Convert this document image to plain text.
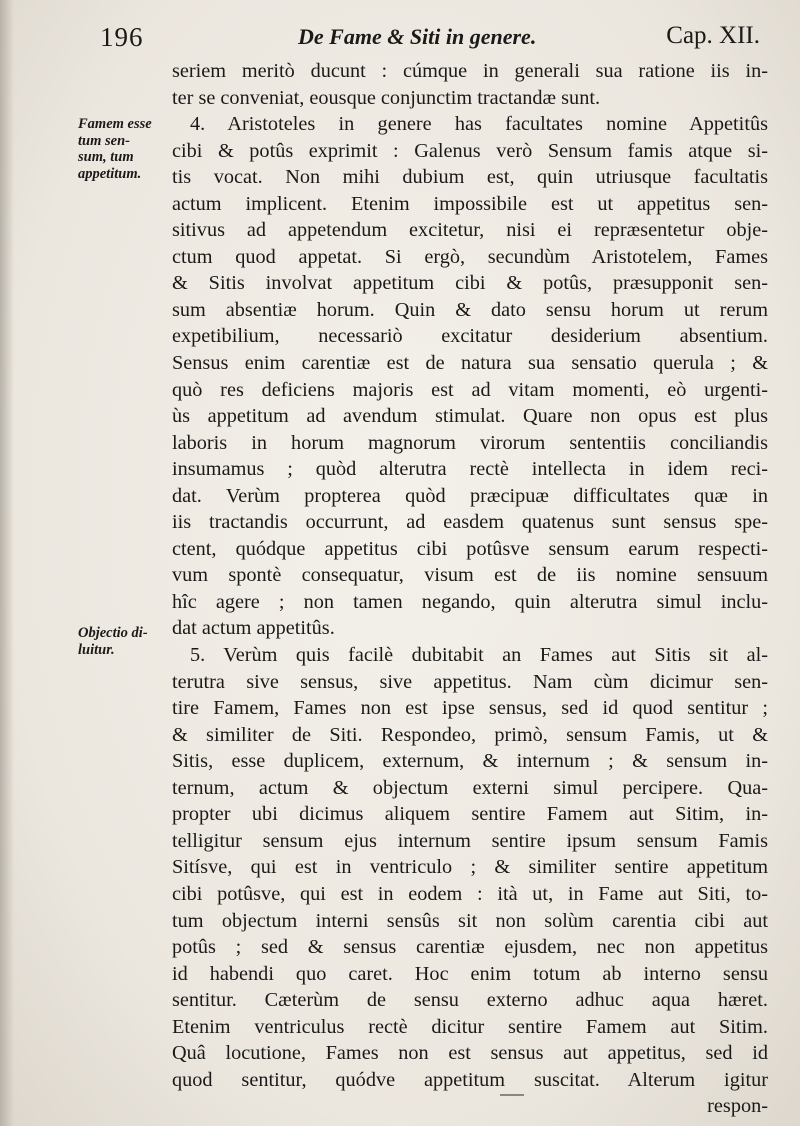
196	De Fame & Siti in genere.	Cap. XII.
Famem esse
tum sen-
sum, tum
appetitum.
Objectio di-
luitur.
seriem meritò ducunt : cúmque in generali sua ratione iis in-
ter se conveniat, eousque conjunctim tractandæ sunt.
4. Aristoteles in genere has facultates nomine Appetitûs
cibi & potûs exprimit : Galenus verò Sensum famis atque si-
tis vocat. Non mihi dubium est, quin utriusque facultatis
actum implicent. Etenim impossibile est ut appetitus sen-
sitivus ad appetendum excitetur, nisi ei repræsentetur obje-
ctum quod appetat. Si ergò, secundùm Aristotelem, Fames
& Sitis involvat appetitum cibi & potûs, præsupponit sen-
sum absentiæ horum. Quin & dato sensu horum ut rerum
expetibilium, necessariò excitatur desiderium absentium.
Sensus enim carentiæ est de natura sua sensatio querula ; &
quò res deficiens majoris est ad vitam momenti, eò urgenti-
ùs appetitum ad avendum stimulat. Quare non opus est plus
laboris in horum magnorum virorum sententiis conciliandis
insumamus ; quòd alterutra rectè intellecta in idem reci-
dat. Verùm propterea quòd præcipuæ difficultates quæ in
iis tractandis occurrunt, ad easdem quatenus sunt sensus spe-
ctent, quódque appetitus cibi potûsve sensum earum respecti-
vum spontè consequatur, visum est de iis nomine sensuum
hîc agere ; non tamen negando, quin alterutra simul inclu-
dat actum appetitûs.
5. Verùm quis facilè dubitabit an Fames aut Sitis sit al-
terutra sive sensus, sive appetitus. Nam cùm dicimur sen-
tire Famem, Fames non est ipse sensus, sed id quod sentitur ;
& similiter de Siti. Respondeo, primò, sensum Famis, ut &
Sitis, esse duplicem, externum, & internum ; & sensum in-
ternum, actum & objectum externi simul percipere. Qua-
propter ubi dicimus aliquem sentire Famem aut Sitim, in-
telligitur sensum ejus internum sentire ipsum sensum Famis
Sitísve, qui est in ventriculo ; & similiter sentire appetitum
cibi potûsve, qui est in eodem : ità ut, in Fame aut Siti, to-
tum objectum interni sensûs sit non solùm carentia cibi aut
potûs ; sed & sensus carentiæ ejusdem, nec non appetitus
id habendi quo caret. Hoc enim totum ab interno sensu
sentitur. Cæterùm de sensu externo adhuc aqua hæret.
Etenim ventriculus rectè dicitur sentire Famem aut Sitim.
Quâ locutione, Fames non est sensus aut appetitus, sed id
quod sentitur, quódve appetitum suscitat. Alterum igitur
respon-
